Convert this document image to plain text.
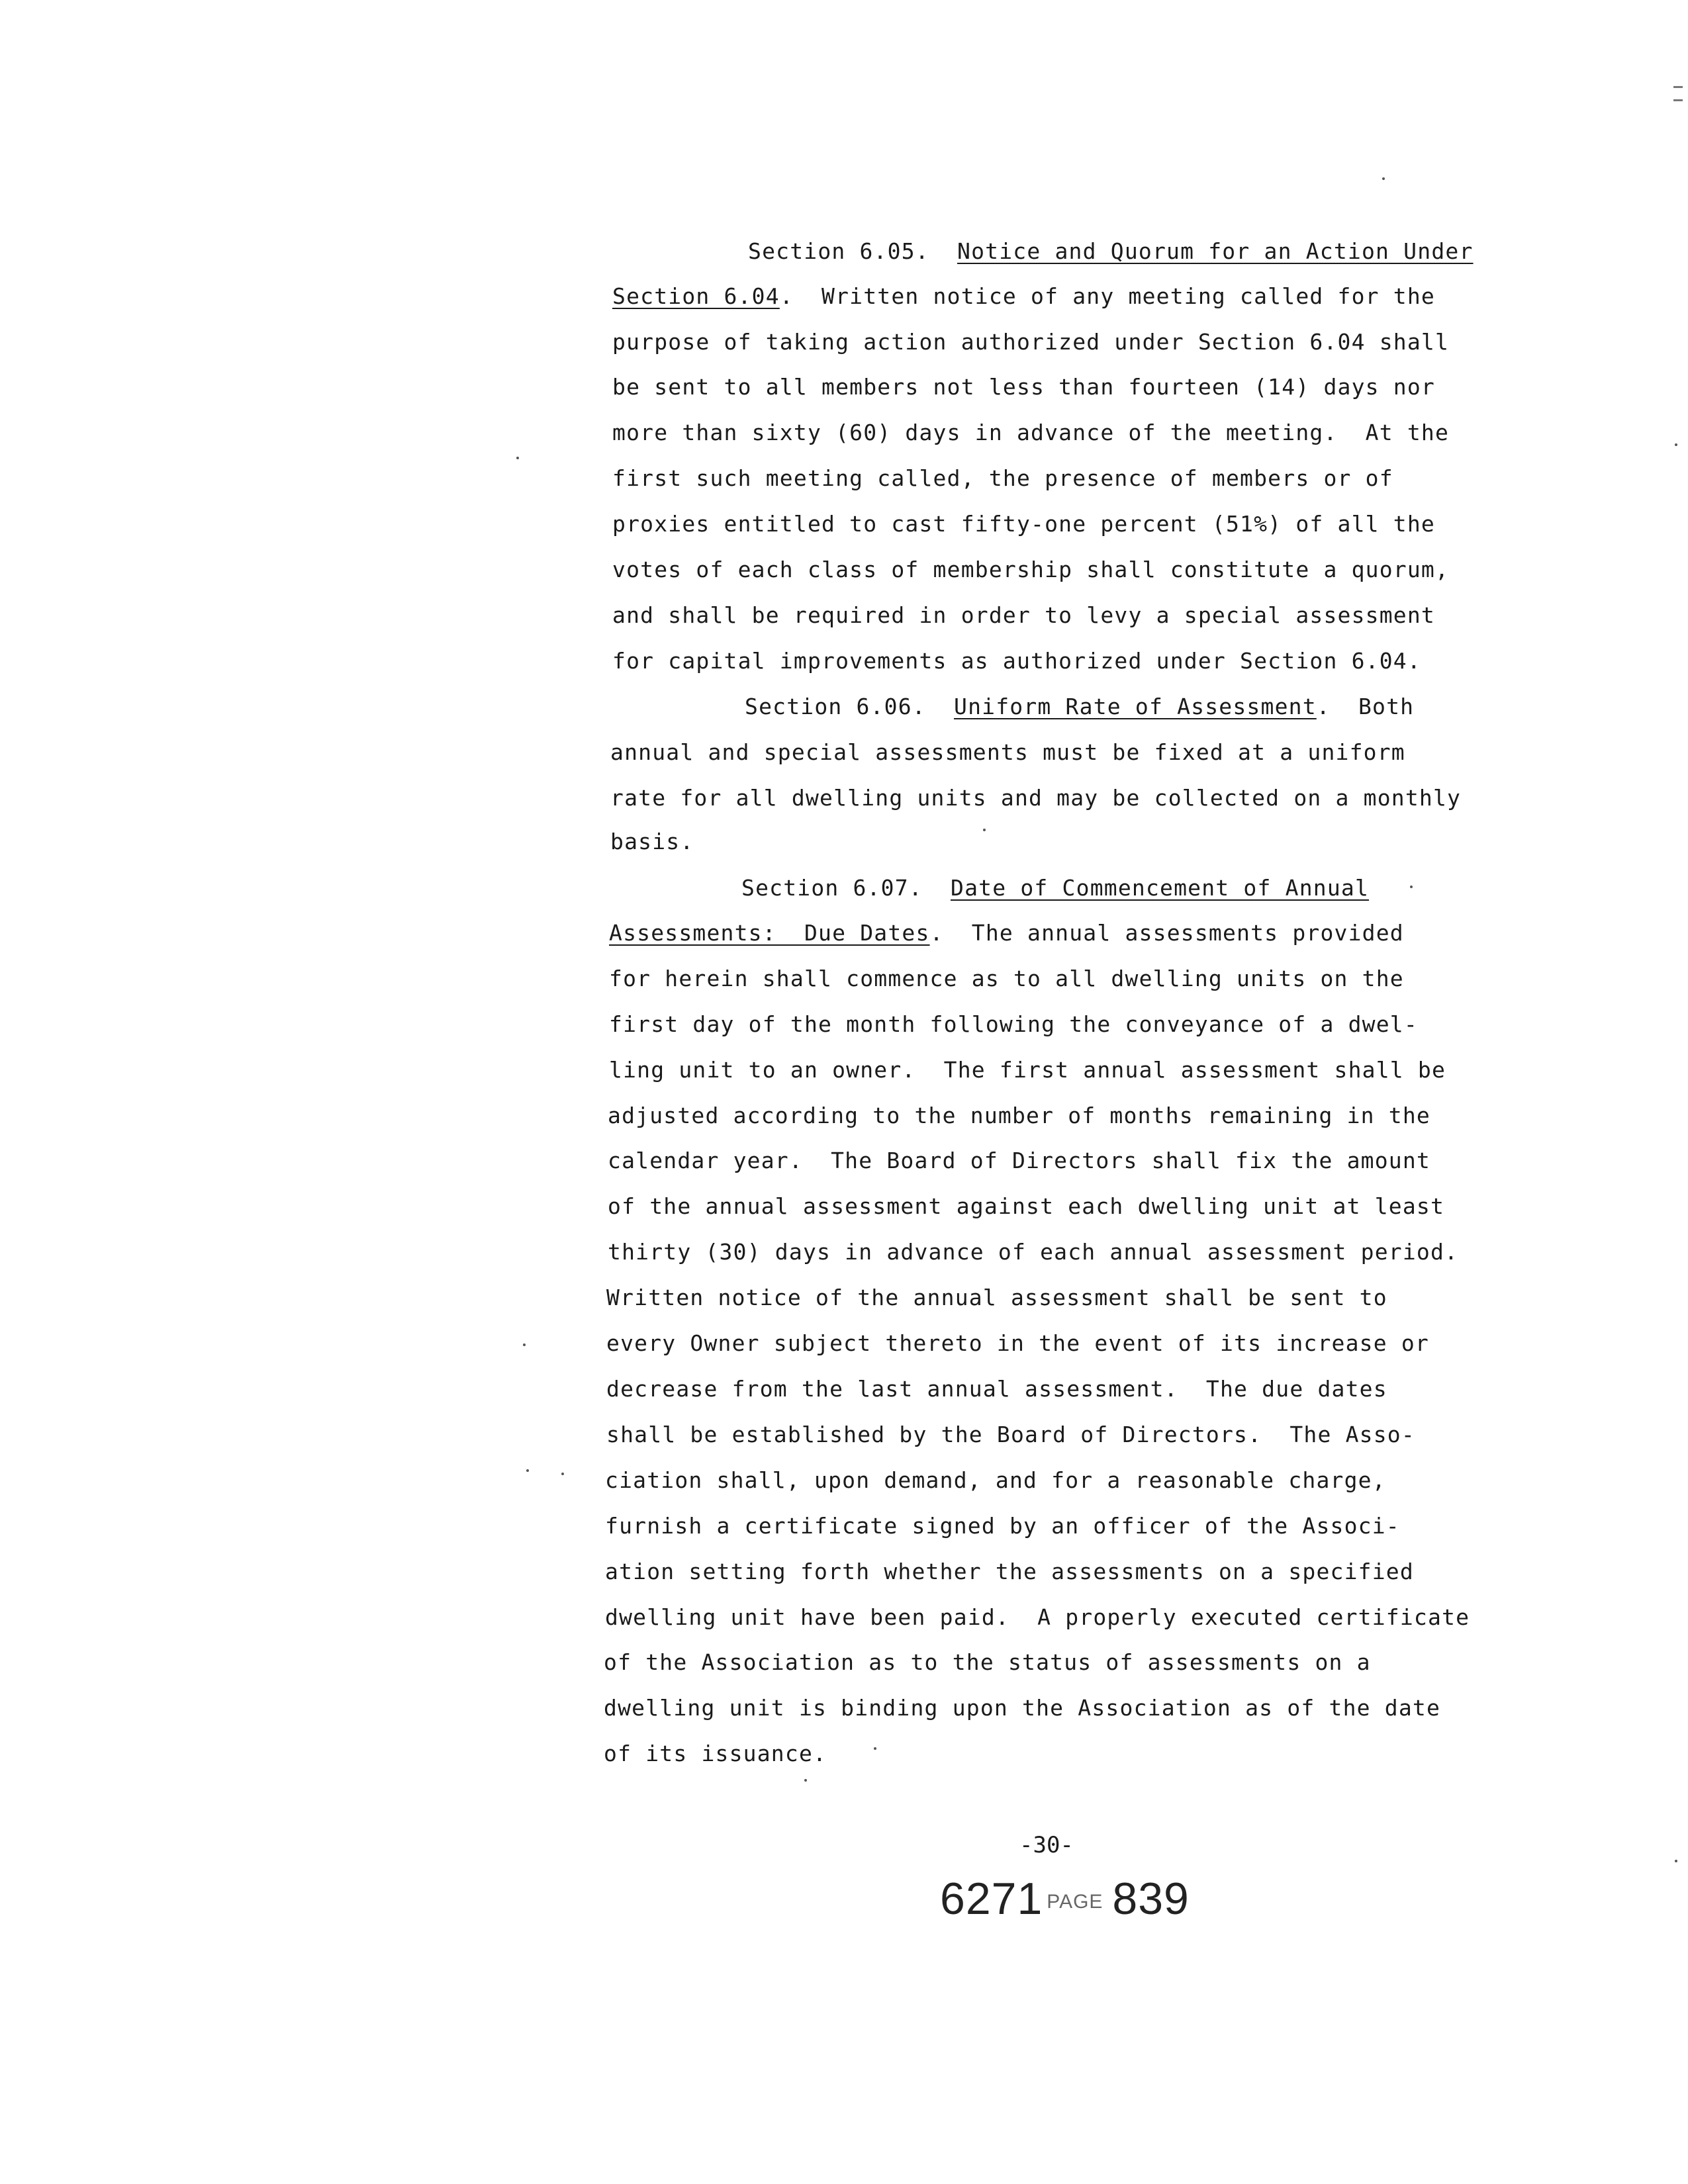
Section 6.05.  Notice and Quorum for an Action Under
Section 6.04.  Written notice of any meeting called for the
purpose of taking action authorized under Section 6.04 shall
be sent to all members not less than fourteen (14) days nor
more than sixty (60) days in advance of the meeting.  At the
first such meeting called, the presence of members or of
proxies entitled to cast fifty-one percent (51%) of all the
votes of each class of membership shall constitute a quorum,
and shall be required in order to levy a special assessment
for capital improvements as authorized under Section 6.04.
Section 6.06.  Uniform Rate of Assessment.  Both
annual and special assessments must be fixed at a uniform
rate for all dwelling units and may be collected on a monthly
basis.
Section 6.07.  Date of Commencement of Annual
Assessments:  Due Dates.  The annual assessments provided
for herein shall commence as to all dwelling units on the
first day of the month following the conveyance of a dwel-
ling unit to an owner.  The first annual assessment shall be
adjusted according to the number of months remaining in the
calendar year.  The Board of Directors shall fix the amount
of the annual assessment against each dwelling unit at least
thirty (30) days in advance of each annual assessment period.
Written notice of the annual assessment shall be sent to
every Owner subject thereto in the event of its increase or
decrease from the last annual assessment.  The due dates
shall be established by the Board of Directors.  The Asso-
ciation shall, upon demand, and for a reasonable charge,
furnish a certificate signed by an officer of the Associ-
ation setting forth whether the assessments on a specified
dwelling unit have been paid.  A properly executed certificate
of the Association as to the status of assessments on a
dwelling unit is binding upon the Association as of the date
of its issuance.
-30-
6271 PAGE 839
